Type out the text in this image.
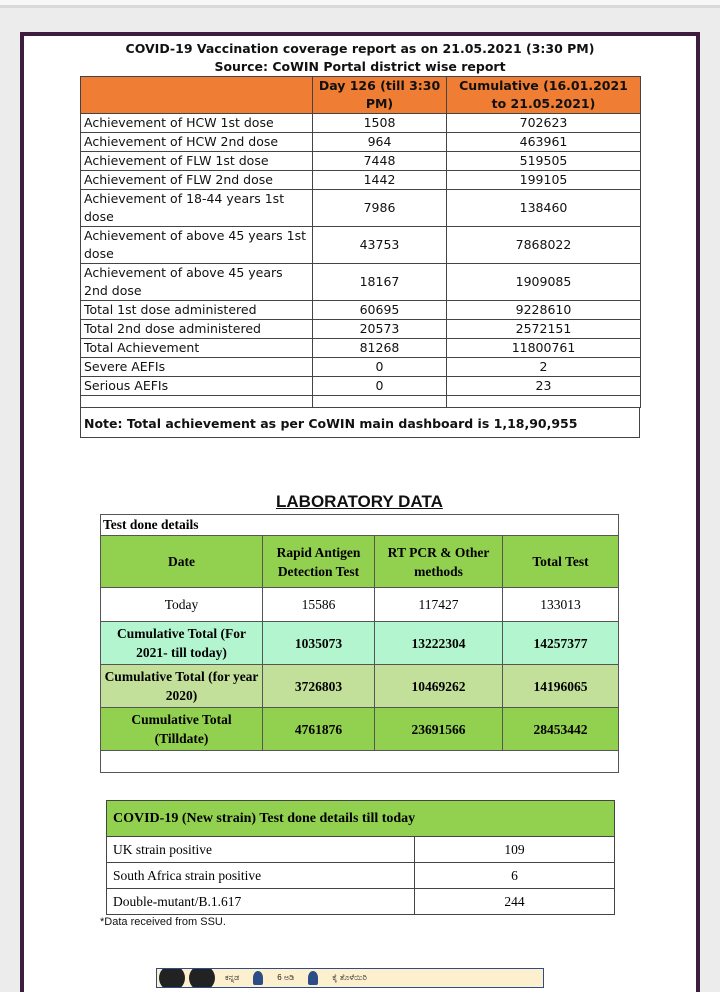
COVID-19 Vaccination coverage report as on 21.05.2021 (3:30 PM)
Source: CoWIN Portal district wise report
	Day 126 (till 3:30 PM)	Cumulative (16.01.2021 to 21.05.2021)
Achievement of HCW 1st dose	1508	702623
Achievement of HCW 2nd dose	964	463961
Achievement of FLW 1st dose	7448	519505
Achievement of FLW 2nd dose	1442	199105
Achievement of 18-44 years 1st dose	7986	138460
Achievement of above 45 years 1st dose	43753	7868022
Achievement of above 45 years 2nd dose	18167	1909085
Total 1st dose administered	60695	9228610
Total 2nd dose administered	20573	2572151
Total Achievement	81268	11800761
Severe AEFIs	0	2
Serious AEFIs	0	23

Note: Total achievement as per CoWIN main dashboard is 1,18,90,955
LABORATORY DATA
Test done details			
Date	Rapid Antigen Detection Test	RT PCR & Other methods	Total Test
Today	15586	117427	133013
Cumulative Total (For 2021- till today)	1035073	13222304	14257377
Cumulative Total (for year 2020)	3726803	10469262	14196065
Cumulative Total (Tilldate)	4761876	23691566	28453442

COVID-19 (New strain) Test done details till today	
UK strain positive	109
South Africa strain positive	6
Double-mutant/B.1.617	244
*Data received from SSU.
ಕನ್ನಡ	6 ಅಡಿ	ಕೈ ತೊಳೆಯಿರಿ
